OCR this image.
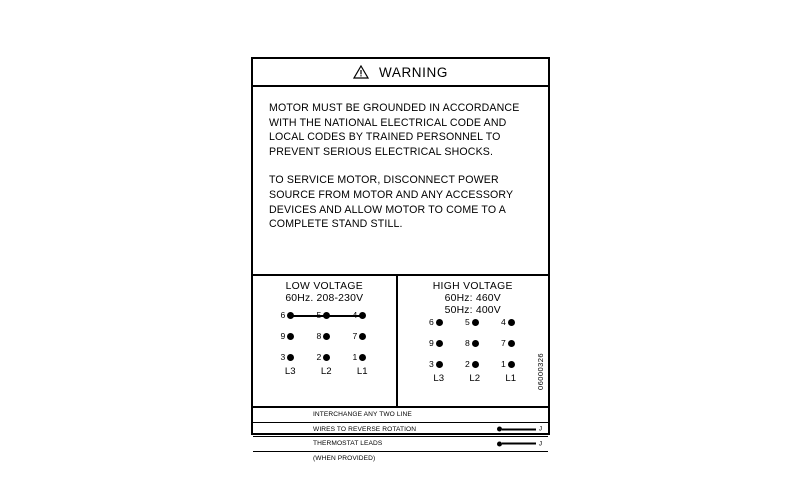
WARNING
MOTOR MUST BE GROUNDED IN ACCORDANCE WITH THE NATIONAL ELECTRICAL CODE AND LOCAL CODES BY TRAINED PERSONNEL TO PREVENT SERIOUS ELECTRICAL SHOCKS.
TO SERVICE MOTOR, DISCONNECT POWER SOURCE FROM MOTOR AND ANY ACCESSORY DEVICES AND ALLOW MOTOR TO COME TO A COMPLETE STAND STILL.
LOW VOLTAGE
60Hz. 208-230V
6	5	4
9	8	7
3	2	1
L3	L2	L1
HIGH VOLTAGE
60Hz: 460V
50Hz: 400V
6	5	4
9	8	7
3	2	1
L3	L2	L1	06000326
INTERCHANGE ANY TWO LINE
WIRES TO REVERSE ROTATION	J
THERMOSTAT LEADS	J
(WHEN PROVIDED)
